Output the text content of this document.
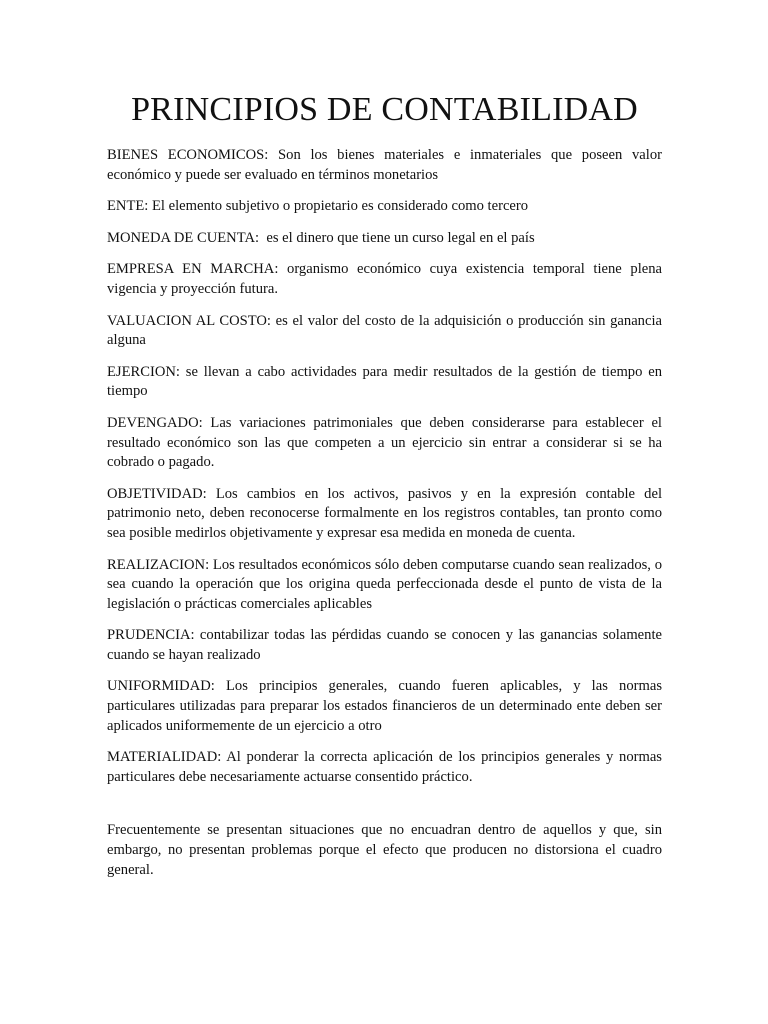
PRINCIPIOS DE CONTABILIDAD

BIENES ECONOMICOS: Son los bienes materiales e inmateriales que poseen valor económico y puede ser evaluado en términos monetarios

ENTE: El elemento subjetivo o propietario es considerado como tercero

MONEDA DE CUENTA:  es el dinero que tiene un curso legal en el país

EMPRESA EN MARCHA: organismo económico cuya existencia temporal tiene plena vigencia y proyección futura.

VALUACION AL COSTO: es el valor del costo de la adquisición o producción sin ganancia alguna

EJERCION: se llevan a cabo actividades para medir resultados de la gestión de tiempo en tiempo

DEVENGADO: Las variaciones patrimoniales que deben considerarse para establecer el resultado económico son las que competen a un ejercicio sin entrar a considerar si se ha cobrado o pagado.

OBJETIVIDAD: Los cambios en los activos, pasivos y en la expresión contable del patrimonio neto, deben reconocerse formalmente en los registros contables, tan pronto como sea posible medirlos objetivamente y expresar esa medida en moneda de cuenta.

REALIZACION: Los resultados económicos sólo deben computarse cuando sean realizados, o sea cuando la operación que los origina queda perfeccionada desde el punto de vista de la legislación o prácticas comerciales aplicables

PRUDENCIA: contabilizar todas las pérdidas cuando se conocen y las ganancias solamente cuando se hayan realizado

UNIFORMIDAD: Los principios generales, cuando fueren aplicables, y las normas particulares utilizadas para preparar los estados financieros de un determinado ente deben ser aplicados uniformemente de un ejercicio a otro

MATERIALIDAD: Al ponderar la correcta aplicación de los principios generales y normas particulares debe necesariamente actuarse consentido práctico.

Frecuentemente se presentan situaciones que no encuadran dentro de aquellos y que, sin embargo, no presentan problemas porque el efecto que producen no distorsiona el cuadro general.
